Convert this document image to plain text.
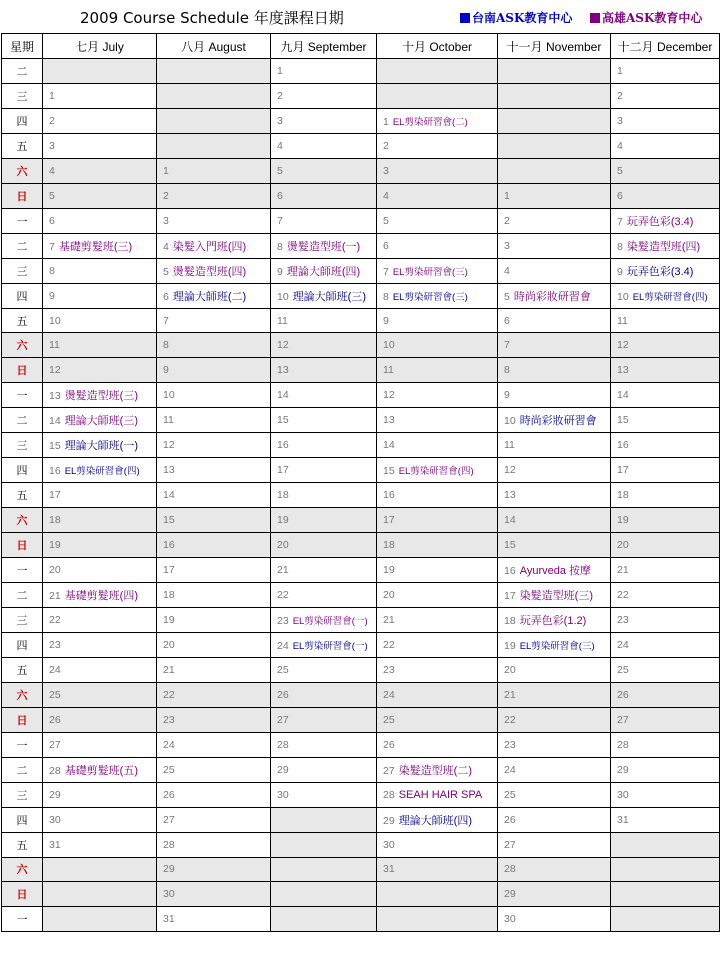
2009 Course Schedule 年度課程日期	台南ASK教育中心	高雄ASK教育中心
星期	七月 July	八月 August	九月 September	十月 October	十一月 November	十二月 December
二			1			1
三	1		2			2
四	2		3	1 EL剪染研習會(二)		3
五	3		4	2		4
六	4	1	5	3		5
日	5	2	6	4	1	6
一	6	3	7	5	2	7 玩弄色彩(3.4)
二	7 基礎剪髮班(三)	4 染髮入門班(四)	8 燙髮造型班(一)	6	3	8 染髮造型班(四)
三	8	5 燙髮造型班(四)	9 理論大師班(四)	7 EL剪染研習會(三)	4	9 玩弄色彩(3.4)
四	9	6 理論大師班(二)	10 理論大師班(三)	8 EL剪染研習會(三)	5 時尚彩妝研習會	10 EL剪染研習會(四)
五	10	7	11	9	6	11
六	11	8	12	10	7	12
日	12	9	13	11	8	13
一	13 燙髮造型班(三)	10	14	12	9	14
二	14 理論大師班(三)	11	15	13	10 時尚彩妝研習會	15
三	15 理論大師班(一)	12	16	14	11	16
四	16 EL剪染研習會(四)	13	17	15 EL剪染研習會(四)	12	17
五	17	14	18	16	13	18
六	18	15	19	17	14	19
日	19	16	20	18	15	20
一	20	17	21	19	16 Ayurveda 按摩	21
二	21 基礎剪髮班(四)	18	22	20	17 染髮造型班(三)	22
三	22	19	23 EL剪染研習會(一)	21	18 玩弄色彩(1.2)	23
四	23	20	24 EL剪染研習會(一)	22	19 EL剪染研習會(三)	24
五	24	21	25	23	20	25
六	25	22	26	24	21	26
日	26	23	27	25	22	27
一	27	24	28	26	23	28
二	28 基礎剪髮班(五)	25	29	27 染髮造型班(二)	24	29
三	29	26	30	28 SEAH HAIR SPA	25	30
四	30	27		29 理論大師班(四)	26	31
五	31	28		30	27	
六		29		31	28	
日		30			29	
一		31			30	
